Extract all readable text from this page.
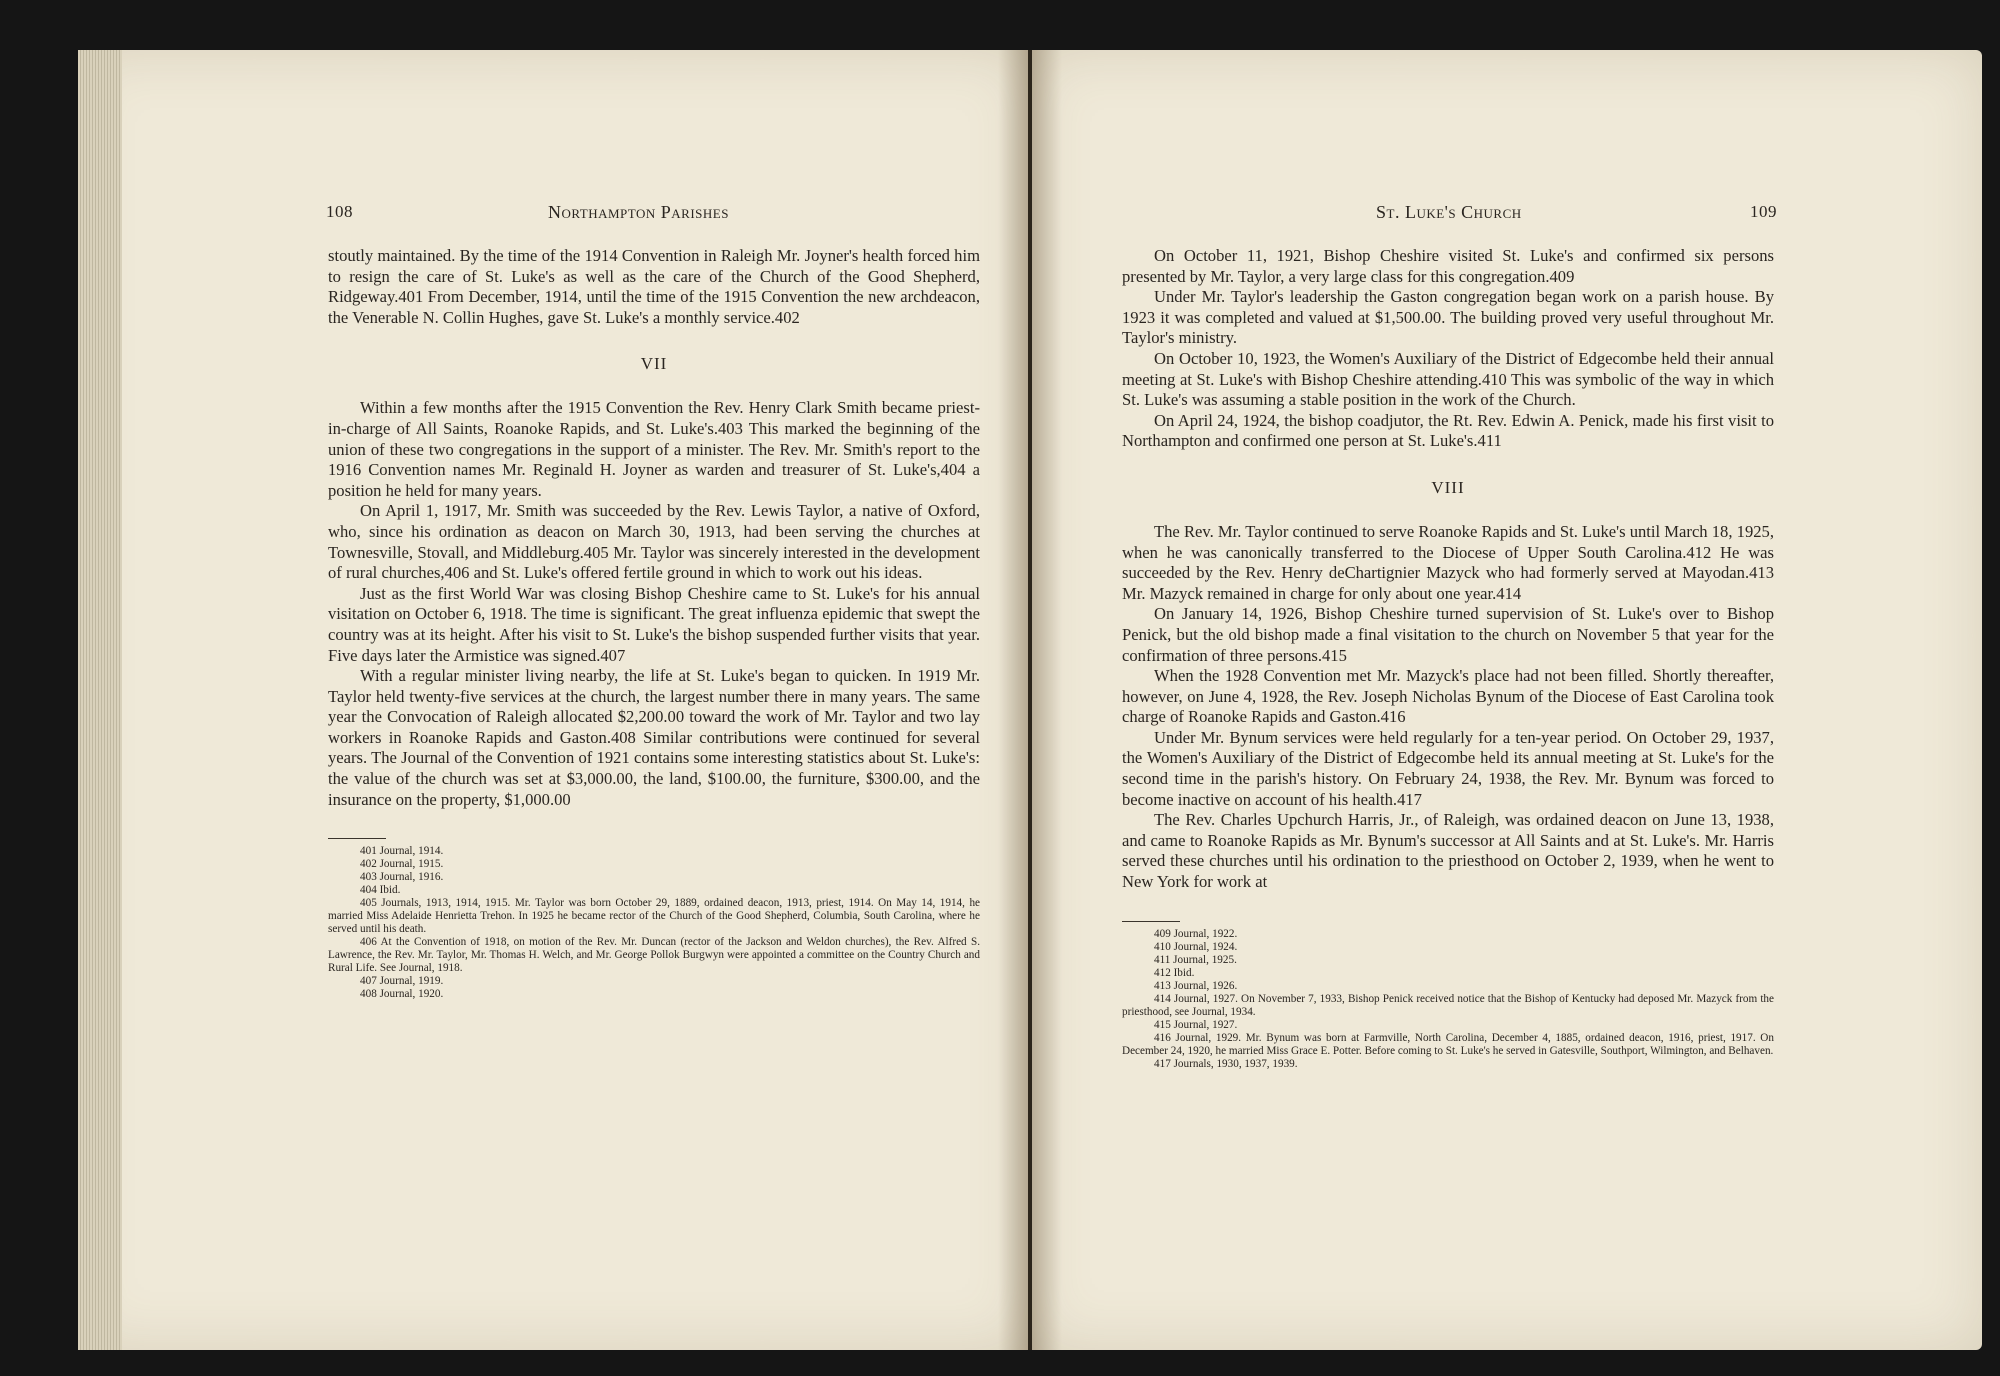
108	Northampton Parishes

stoutly maintained. By the time of the 1914 Convention in Raleigh Mr. Joyner's health forced him to resign the care of St. Luke's as well as the care of the Church of the Good Shepherd, Ridgeway.401 From December, 1914, until the time of the 1915 Convention the new archdeacon, the Venerable N. Collin Hughes, gave St. Luke's a monthly service.402

VII

Within a few months after the 1915 Convention the Rev. Henry Clark Smith became priest-in-charge of All Saints, Roanoke Rapids, and St. Luke's.403 This marked the beginning of the union of these two congregations in the support of a minister. The Rev. Mr. Smith's report to the 1916 Convention names Mr. Reginald H. Joyner as warden and treasurer of St. Luke's,404 a position he held for many years.

On April 1, 1917, Mr. Smith was succeeded by the Rev. Lewis Taylor, a native of Oxford, who, since his ordination as deacon on March 30, 1913, had been serving the churches at Townesville, Stovall, and Middleburg.405 Mr. Taylor was sincerely interested in the development of rural churches,406 and St. Luke's offered fertile ground in which to work out his ideas.

Just as the first World War was closing Bishop Cheshire came to St. Luke's for his annual visitation on October 6, 1918. The time is significant. The great influenza epidemic that swept the country was at its height. After his visit to St. Luke's the bishop suspended further visits that year. Five days later the Armistice was signed.407

With a regular minister living nearby, the life at St. Luke's began to quicken. In 1919 Mr. Taylor held twenty-five services at the church, the largest number there in many years. The same year the Convocation of Raleigh allocated $2,200.00 toward the work of Mr. Taylor and two lay workers in Roanoke Rapids and Gaston.408 Similar contributions were continued for several years. The Journal of the Convention of 1921 contains some interesting statistics about St. Luke's: the value of the church was set at $3,000.00, the land, $100.00, the furniture, $300.00, and the insurance on the property, $1,000.00

401 Journal, 1914.

402 Journal, 1915.

403 Journal, 1916.

404 Ibid.

405 Journals, 1913, 1914, 1915. Mr. Taylor was born October 29, 1889, ordained deacon, 1913, priest, 1914. On May 14, 1914, he married Miss Adelaide Henrietta Trehon. In 1925 he became rector of the Church of the Good Shepherd, Columbia, South Carolina, where he served until his death.

406 At the Convention of 1918, on motion of the Rev. Mr. Duncan (rector of the Jackson and Weldon churches), the Rev. Alfred S. Lawrence, the Rev. Mr. Taylor, Mr. Thomas H. Welch, and Mr. George Pollok Burgwyn were appointed a committee on the Country Church and Rural Life. See Journal, 1918.

407 Journal, 1919.

408 Journal, 1920.

St. Luke's Church	109

On October 11, 1921, Bishop Cheshire visited St. Luke's and confirmed six persons presented by Mr. Taylor, a very large class for this congregation.409

Under Mr. Taylor's leadership the Gaston congregation began work on a parish house. By 1923 it was completed and valued at $1,500.00. The building proved very useful throughout Mr. Taylor's ministry.

On October 10, 1923, the Women's Auxiliary of the District of Edgecombe held their annual meeting at St. Luke's with Bishop Cheshire attending.410 This was symbolic of the way in which St. Luke's was assuming a stable position in the work of the Church.

On April 24, 1924, the bishop coadjutor, the Rt. Rev. Edwin A. Penick, made his first visit to Northampton and confirmed one person at St. Luke's.411

VIII

The Rev. Mr. Taylor continued to serve Roanoke Rapids and St. Luke's until March 18, 1925, when he was canonically transferred to the Diocese of Upper South Carolina.412 He was succeeded by the Rev. Henry deChartignier Mazyck who had formerly served at Mayodan.413 Mr. Mazyck remained in charge for only about one year.414

On January 14, 1926, Bishop Cheshire turned supervision of St. Luke's over to Bishop Penick, but the old bishop made a final visitation to the church on November 5 that year for the confirmation of three persons.415

When the 1928 Convention met Mr. Mazyck's place had not been filled. Shortly thereafter, however, on June 4, 1928, the Rev. Joseph Nicholas Bynum of the Diocese of East Carolina took charge of Roanoke Rapids and Gaston.416

Under Mr. Bynum services were held regularly for a ten-year period. On October 29, 1937, the Women's Auxiliary of the District of Edgecombe held its annual meeting at St. Luke's for the second time in the parish's history. On February 24, 1938, the Rev. Mr. Bynum was forced to become inactive on account of his health.417

The Rev. Charles Upchurch Harris, Jr., of Raleigh, was ordained deacon on June 13, 1938, and came to Roanoke Rapids as Mr. Bynum's successor at All Saints and at St. Luke's. Mr. Harris served these churches until his ordination to the priesthood on October 2, 1939, when he went to New York for work at

409 Journal, 1922.

410 Journal, 1924.

411 Journal, 1925.

412 Ibid.

413 Journal, 1926.

414 Journal, 1927. On November 7, 1933, Bishop Penick received notice that the Bishop of Kentucky had deposed Mr. Mazyck from the priesthood, see Journal, 1934.

415 Journal, 1927.

416 Journal, 1929. Mr. Bynum was born at Farmville, North Carolina, December 4, 1885, ordained deacon, 1916, priest, 1917. On December 24, 1920, he married Miss Grace E. Potter. Before coming to St. Luke's he served in Gatesville, Southport, Wilmington, and Belhaven.

417 Journals, 1930, 1937, 1939.
